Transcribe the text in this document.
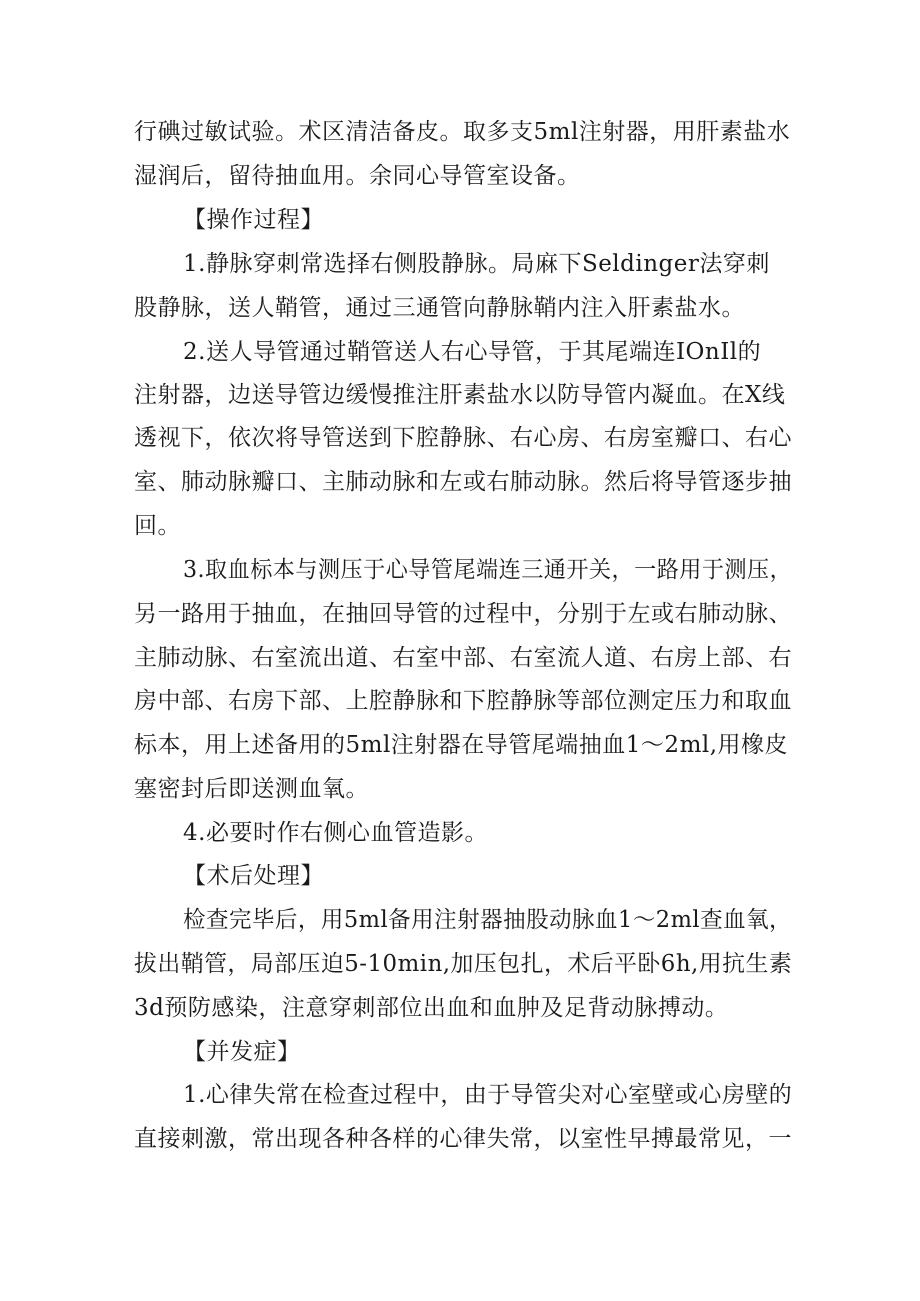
行碘过敏试验。术区清洁备皮。取多支5ml注射器，用肝素盐水
湿润后，留待抽血用。余同心导管室设备。
【操作过程】
1.静脉穿刺常选择右侧股静脉。局麻下Seldinger法穿刺
股静脉，送人鞘管，通过三通管向静脉鞘内注入肝素盐水。
2.送人导管通过鞘管送人右心导管，于其尾端连IOnIl的
注射器，边送导管边缓慢推注肝素盐水以防导管内凝血。在X线
透视下，依次将导管送到下腔静脉、右心房、右房室瓣口、右心
室、肺动脉瓣口、主肺动脉和左或右肺动脉。然后将导管逐步抽
回。
3.取血标本与测压于心导管尾端连三通开关，一路用于测压，
另一路用于抽血，在抽回导管的过程中，分别于左或右肺动脉、
主肺动脉、右室流出道、右室中部、右室流人道、右房上部、右
房中部、右房下部、上腔静脉和下腔静脉等部位测定压力和取血
标本，用上述备用的5ml注射器在导管尾端抽血1～2ml,用橡皮
塞密封后即送测血氧。
4.必要时作右侧心血管造影。
【术后处理】
检查完毕后，用5ml备用注射器抽股动脉血1～2ml查血氧，
拔出鞘管，局部压迫5-10min,加压包扎，术后平卧6h,用抗生素
3d预防感染，注意穿刺部位出血和血肿及足背动脉搏动。
【并发症】
1.心律失常在检查过程中，由于导管尖对心室壁或心房壁的
直接刺激，常出现各种各样的心律失常，以室性早搏最常见，一
